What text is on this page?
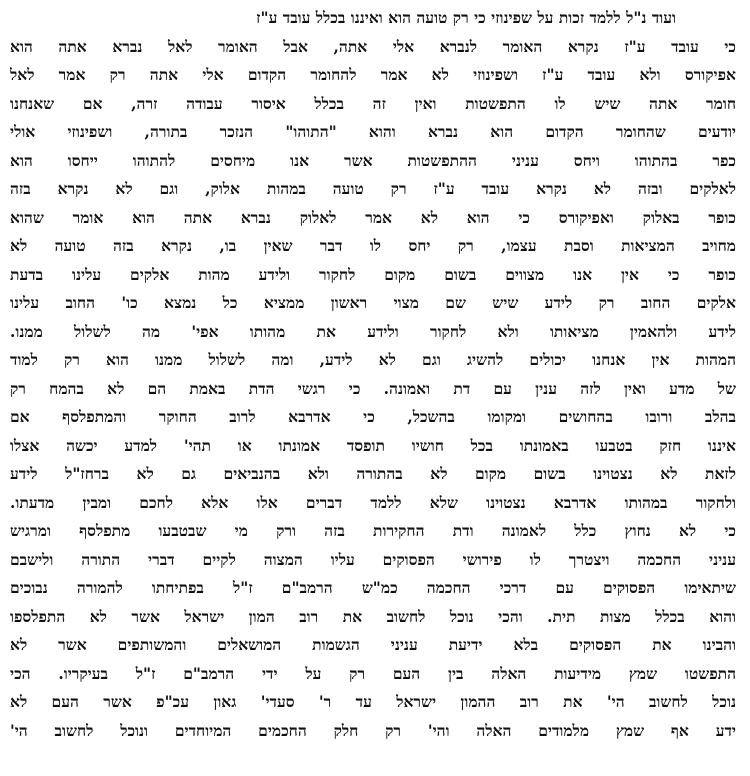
ועוד נ"ל ללמד זכות על שפינוזי כי רק טועה הוא ואיננו בכלל עובד ע"ז
כי עובד ע"ז נקרא האומר לנברא אלי אתה, אבל האומר לאל נברא אתה הוא
אפיקורס ולא עובד ע"ז ושפינוזי לא אמר להחומר הקדום אלי אתה רק אמר לאל
חומר אתה שיש לו התפשטות ואין זה בכלל איסור עבודה זרה, אם שאנחנו
יודעים שהחומר הקדום הוא נברא והוא "התוהו" הנזכר בתורה, ושפינוזי אולי
כפר בהתוהו ויחס עניני ההתפשטות אשר אנו מיחסים להתוהו ייחסו הוא
לאלקים ובזה לא נקרא עובד ע"ז רק טועה במהות אלוק, וגם לא נקרא בזה
כופר באלוק ואפיקורס כי הוא לא אמר לאלוק נברא אתה הוא אומר שהוא
מחויב המציאות וסבת עצמו, רק יחס לו דבר שאין בו, נקרא בזה טועה לא
כופר כי אין אנו מצווים בשום מקום לחקור ולידע מהות אלקים עלינו בדעת
אלקים החוב רק לידע שיש שם מצוי ראשון ממציא כל נמצא כו' החוב עלינו
לידע ולהאמין מציאותו ולא לחקור ולידע את מהותו אפי' מה לשלול ממנו.
המהות אין אנחנו יכולים להשיג וגם לא לידע, ומה לשלול ממנו הוא רק למוד
של מדע ואין לזה ענין עם דת ואמונה. כי רגשי הדת באמת הם לא בהמח רק
בהלב ורובו בהחושים ומקומו בהשכל, כי אדרבא לרוב החוקר והמתפלסף אם
איננו חזק בטבעו באמונתו בכל חושיו תופסד אמונתו או תהי' למדע יכשה אצלו
לזאת לא נצטוינו בשום מקום לא בהתורה ולא בהנביאים גם לא ברחז"ל לידע
ולחקור במהותו אדרבא נצטוינו שלא ללמד דברים אלו אלא לחכם ומבין מדעתו.
כי לא נחוץ כלל לאמונה ודת החקירות בזה ורק מי שבטבעו מתפלסף ומרגיש
עניני החכמה ויצטרך לו פירושי הפסוקים עליו המצוה לקיים דברי התורה ולישבם
שיתאימו הפסוקים עם דרכי החכמה כמ"ש הרמב"ם ז"ל בפתיחתו להמורה נבוכים
והוא בכלל מצות תית. והכי נוכל לחשוב את רוב המון ישראל אשר לא התפלספו
והבינו את הפסוקים בלא ידיעת עניני הגשמות המושאלים והמשותפים אשר לא
התפשטו שמץ מידיעות האלה בין העם רק על ידי הרמב"ם ז"ל בעיקריו. הכי
נוכל לחשוב הי' את רוב ההמון ישראל עד ר' סעדי' גאון עכ"פ אשר העם לא
ידע אף שמץ מלמודים האלה והי' רק חלק החכמים המיוחדים ונוכל לחשוב הי'
